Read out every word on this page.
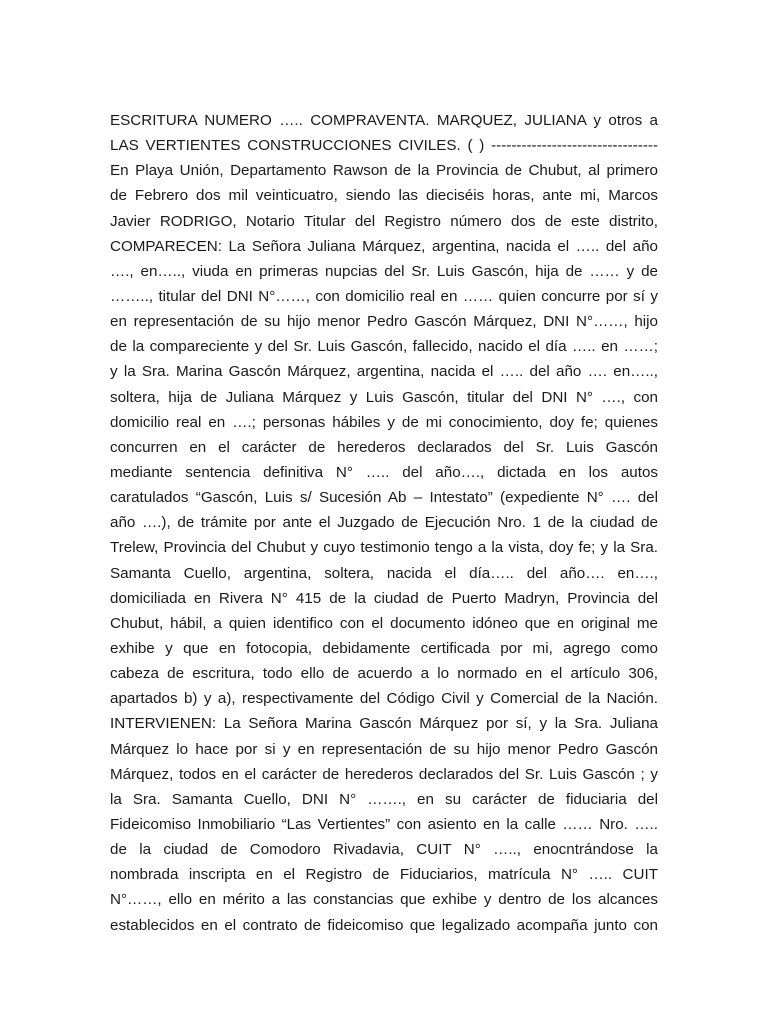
ESCRITURA NUMERO ….. COMPRAVENTA. MARQUEZ, JULIANA y otros a
LAS VERTIENTES CONSTRUCCIONES CIVILES. ( ) ---------------------------------
En Playa Unión, Departamento Rawson de la Provincia de Chubut, al primero
de Febrero dos mil veinticuatro, siendo las dieciséis horas, ante mi, Marcos
Javier RODRIGO, Notario Titular del Registro número dos de este distrito,
COMPARECEN: La Señora Juliana Márquez, argentina, nacida el ….. del año
…., en….., viuda en primeras nupcias del Sr. Luis Gascón, hija de …… y de
…….., titular del DNI N°……, con domicilio real en …… quien concurre por sí y
en representación de su hijo menor Pedro Gascón Márquez, DNI N°……, hijo
de la compareciente y del Sr. Luis Gascón, fallecido, nacido el día ….. en ……;
y la Sra. Marina Gascón Márquez, argentina, nacida el ….. del año …. en…..,
soltera, hija de Juliana Márquez y Luis Gascón, titular del DNI N° …., con
domicilio real en ….; personas hábiles y de mi conocimiento, doy fe; quienes
concurren en el carácter de herederos declarados del Sr. Luis Gascón
mediante sentencia definitiva N° ….. del año…., dictada en los autos
caratulados “Gascón, Luis s/ Sucesión Ab – Intestato” (expediente N° …. del
año ….), de trámite por ante el Juzgado de Ejecución Nro. 1 de la ciudad de
Trelew, Provincia del Chubut y cuyo testimonio tengo a la vista, doy fe; y la Sra.
Samanta Cuello, argentina, soltera, nacida el día….. del año…. en….,
domiciliada en Rivera N° 415 de la ciudad de Puerto Madryn, Provincia del
Chubut, hábil, a quien identifico con el documento idóneo que en original me
exhibe y que en fotocopia, debidamente certificada por mi, agrego como
cabeza de escritura, todo ello de acuerdo a lo normado en el artículo 306,
apartados b) y a), respectivamente del Código Civil y Comercial de la Nación.
INTERVIENEN: La Señora Marina Gascón Márquez por sí, y la Sra. Juliana
Márquez lo hace por si y en representación de su hijo menor Pedro Gascón
Márquez, todos en el carácter de herederos declarados del Sr. Luis Gascón ; y
la Sra. Samanta Cuello, DNI N° ……., en su carácter de fiduciaria del
Fideicomiso Inmobiliario “Las Vertientes” con asiento en la calle …… Nro. …..
de la ciudad de Comodoro Rivadavia, CUIT N° ….., enocntrándose la
nombrada inscripta en el Registro de Fiduciarios, matrícula N° ….. CUIT
N°……, ello en mérito a las constancias que exhibe y dentro de los alcances
establecidos en el contrato de fideicomiso que legalizado acompaña junto con
